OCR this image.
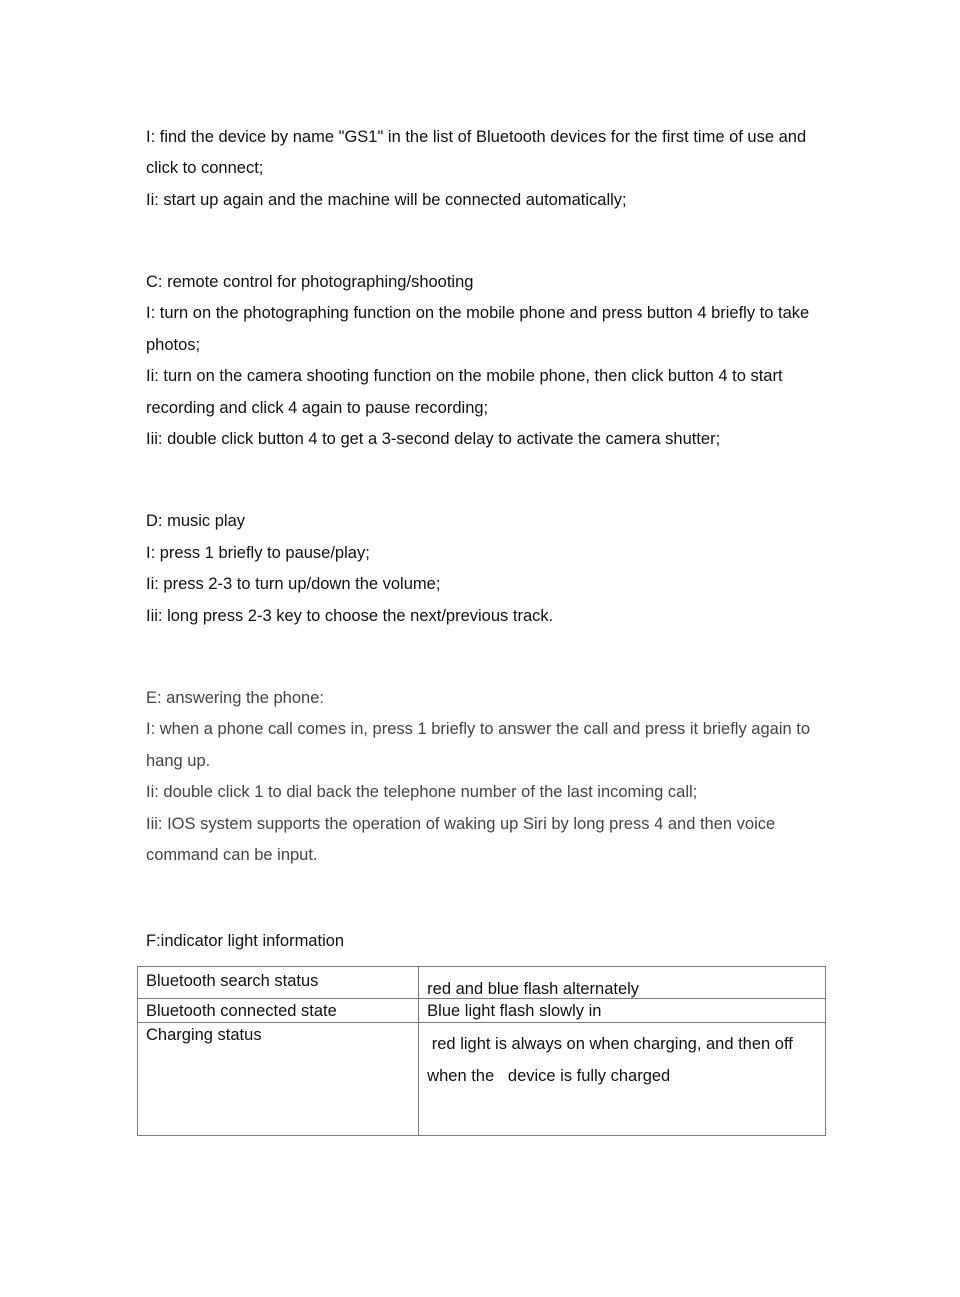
I: find the device by name "GS1" in the list of Bluetooth devices for the first time of use and
click to connect;
Ii: start up again and the machine will be connected automatically;
C: remote control for photographing/shooting
I: turn on the photographing function on the mobile phone and press button 4 briefly to take
photos;
Ii: turn on the camera shooting function on the mobile phone, then click button 4 to start
recording and click 4 again to pause recording;
Iii: double click button 4 to get a 3-second delay to activate the camera shutter;
D: music play
I: press 1 briefly to pause/play;
Ii: press 2-3 to turn up/down the volume;
Iii: long press 2-3 key to choose the next/previous track.
E: answering the phone:
I: when a phone call comes in, press 1 briefly to answer the call and press it briefly again to
hang up.
Ii: double click 1 to dial back the telephone number of the last incoming call;
Iii: IOS system supports the operation of waking up Siri by long press 4 and then voice
command can be input.
F:indicator light information
Bluetooth search status	red and blue flash alternately

Bluetooth connected state	Blue light flash slowly in

Charging status	red light is always on when charging, and then off
when the   device is fully charged
